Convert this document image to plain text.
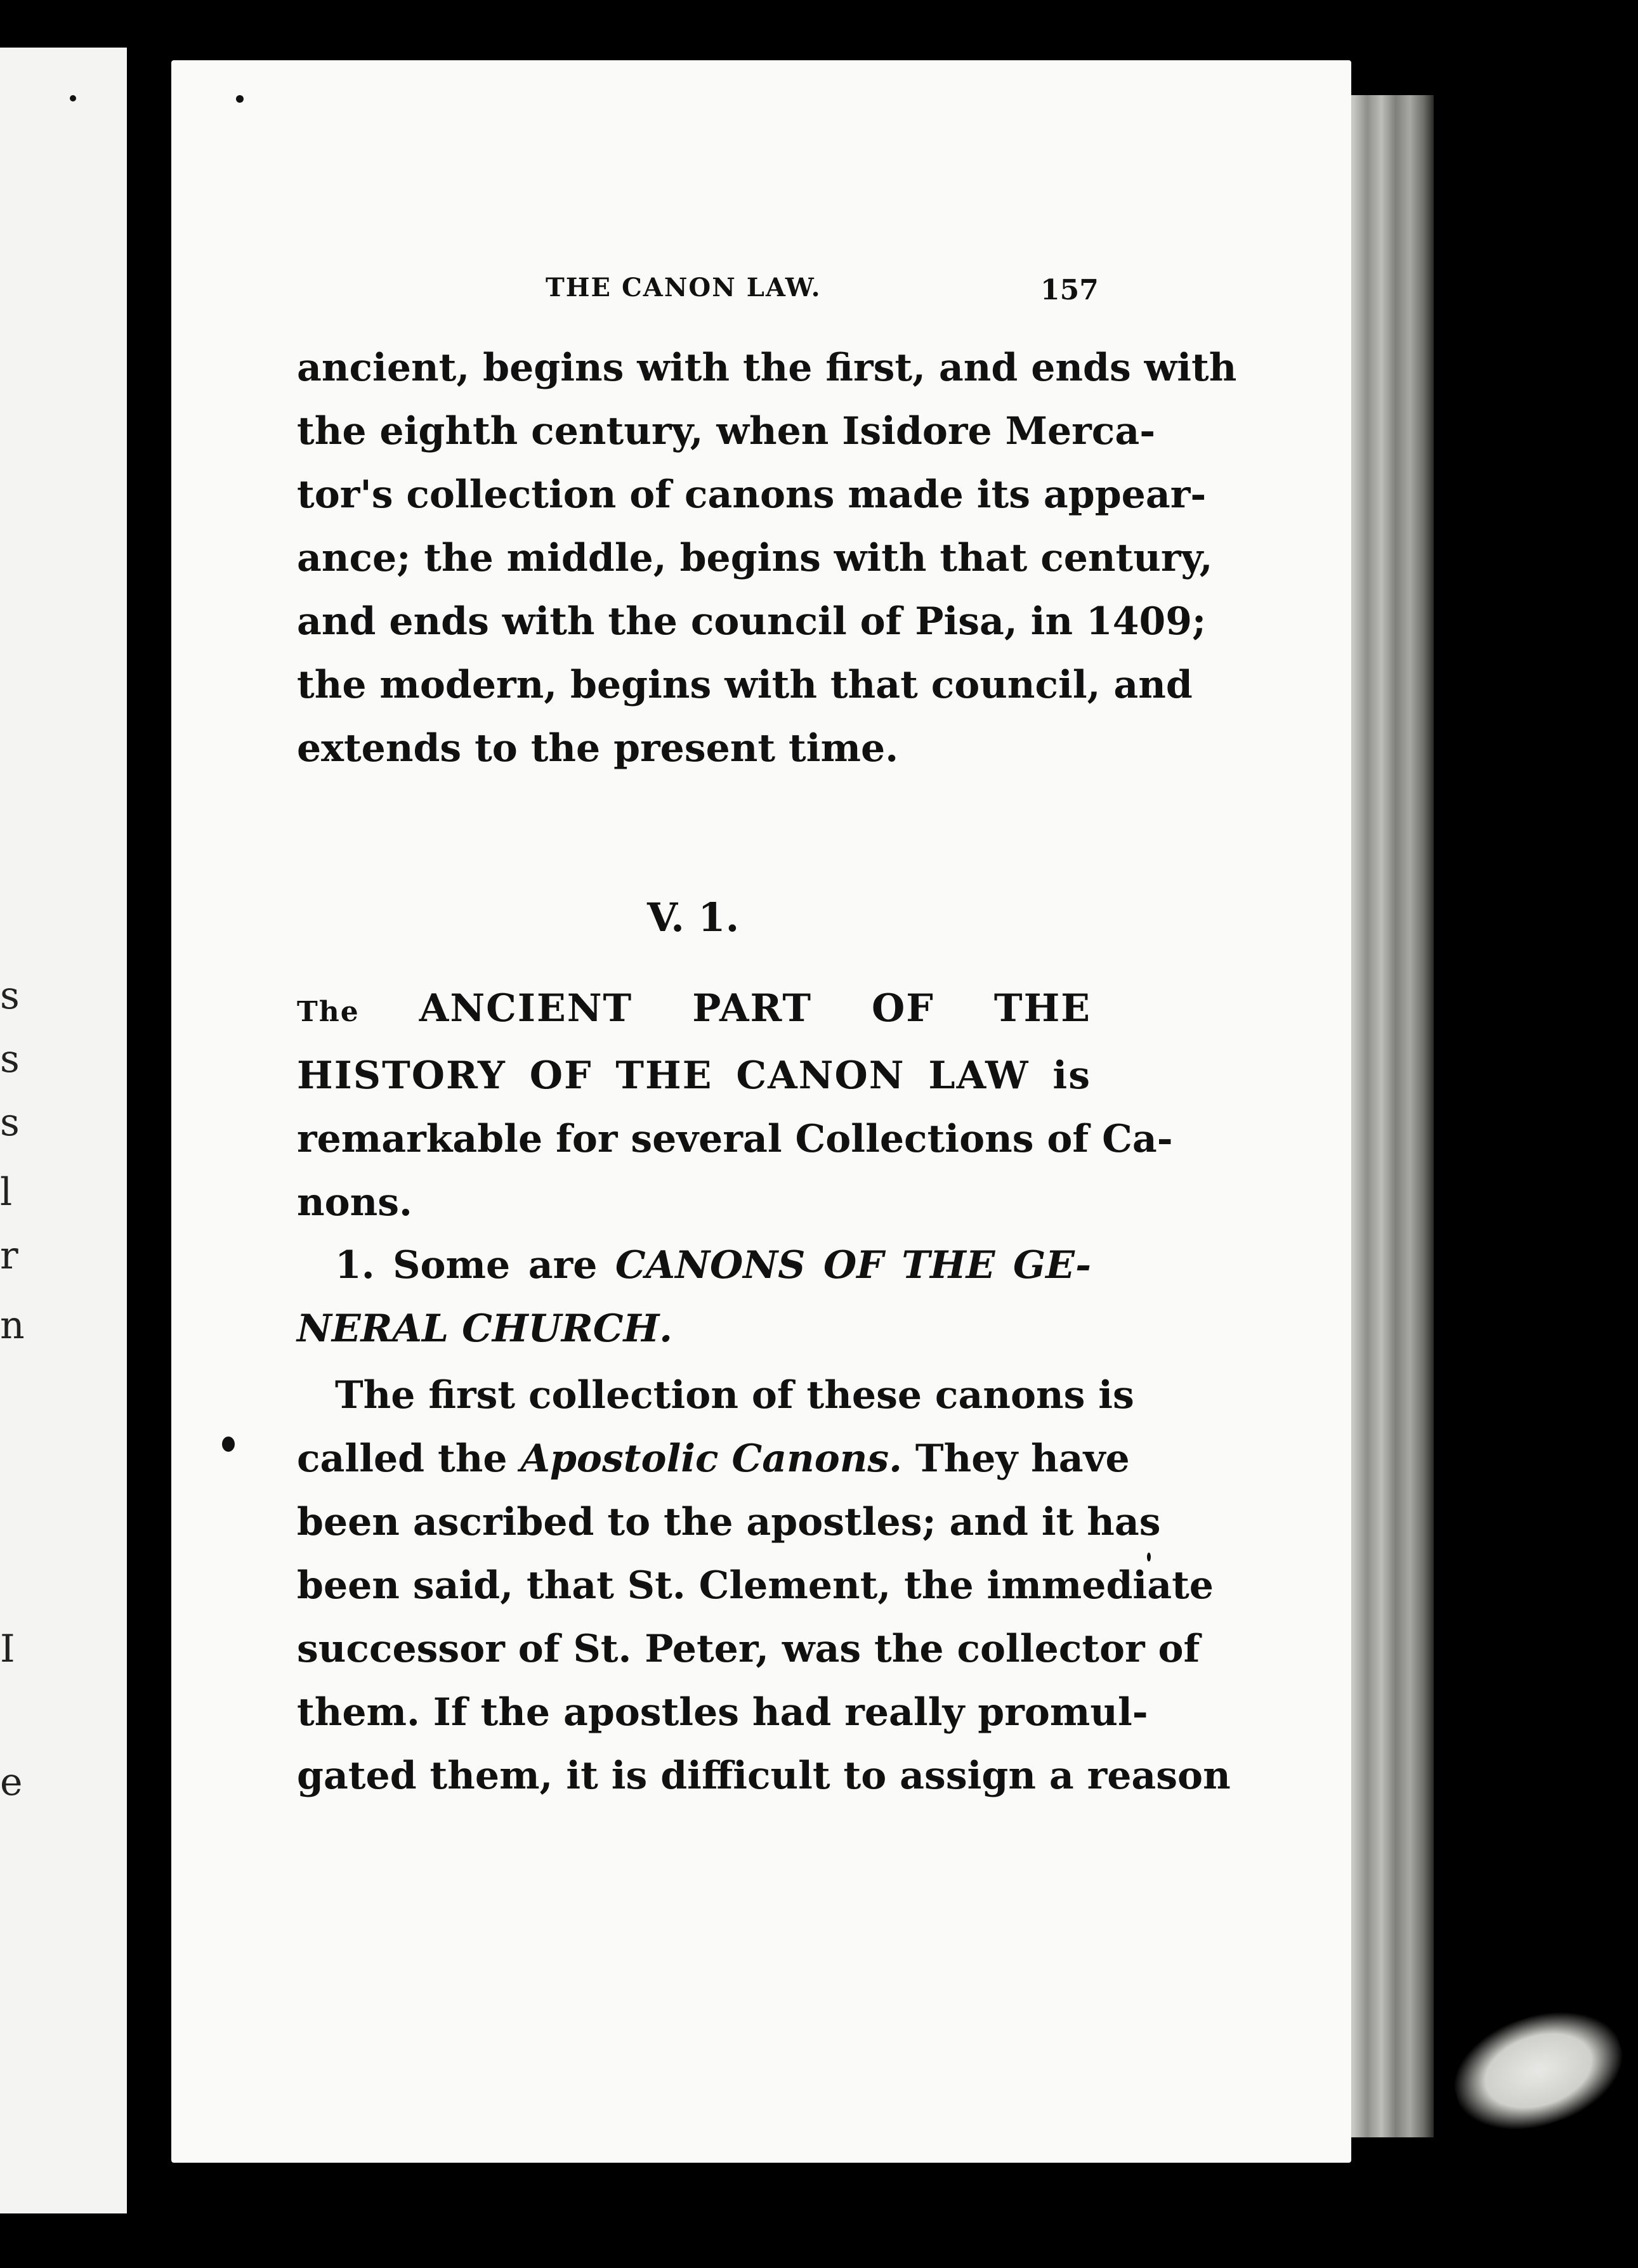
s
s
s
l
r
n
I
e
THE CANON LAW.	157
ancient, begins with the first, and ends with
the eighth century, when Isidore Merca-
tor's collection of canons made its appear-
ance; the middle, begins with that century,
and ends with the council of Pisa, in 1409;
the modern, begins with that council, and
extends to the present time.
V. 1.
The ANCIENT PART OF THE
HISTORY OF THE CANON LAW is
remarkable for several Collections of Ca-
nons.
1. Some are CANONS OF THE GE-
NERAL CHURCH.
The first collection of these canons is
called the Apostolic Canons. They have
been ascribed to the apostles; and it has
been said, that St. Clement, the immediate
successor of St. Peter, was the collector of
them. If the apostles had really promul-
gated them, it is difficult to assign a reason
